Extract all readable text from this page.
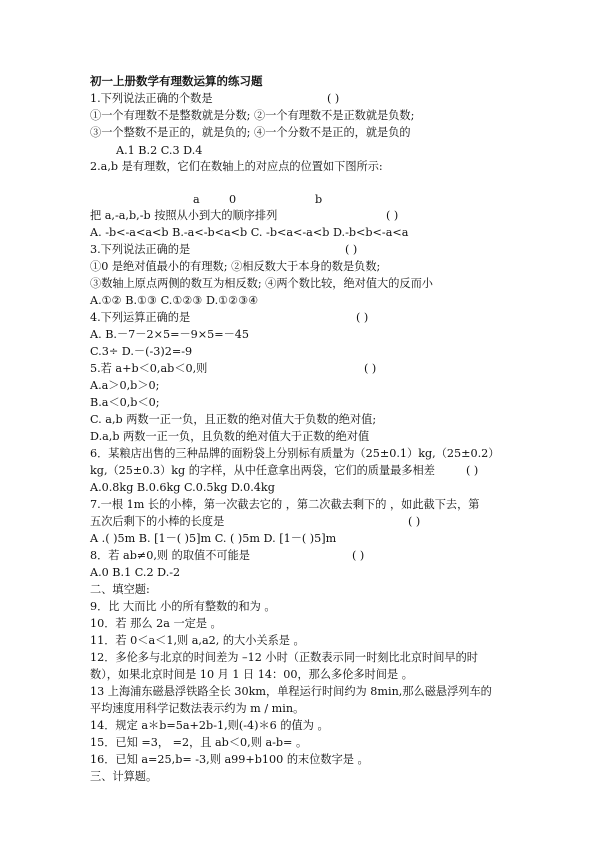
初一上册数学有理数运算的练习题
1.下列说法正确的个数是	( )
①一个有理数不是整数就是分数; ②一个有理数不是正数就是负数;
③一个整数不是正的，就是负的; ④一个分数不是正的，就是负的
A.1 B.2 C.3 D.4
2.a,b 是有理数，它们在数轴上的对应点的位置如下图所示:
a	0	b
把 a,-a,b,-b 按照从小到大的顺序排列	( )
A. -b<-a<a<b B.-a<-b<a<b C. -b<a<-a<b D.-b<b<-a<a
3.下列说法正确的是	( )
①0 是绝对值最小的有理数; ②相反数大于本身的数是负数;
③数轴上原点两侧的数互为相反数; ④两个数比较，绝对值大的反而小
A.①② B.①③ C.①②③ D.①②③④
4.下列运算正确的是	( )
A. B.－7－2×5=－9×5=－45
C.3÷ D.－(-3)2=-9
5.若 a+b＜0,ab＜0,则	( )
A.a＞0,b＞0;
B.a＜0,b＜0;
C. a,b 两数一正一负，且正数的绝对值大于负数的绝对值;
D.a,b 两数一正一负，且负数的绝对值大于正数的绝对值
6．某粮店出售的三种品牌的面粉袋上分别标有质量为（25±0.1）kg,（25±0.2）
kg,（25±0.3）kg 的字样，从中任意拿出两袋，它们的质量最多相差	( )
A.0.8kg B.0.6kg C.0.5kg D.0.4kg
7.一根 1m 长的小棒，第一次截去它的 ，第二次截去剩下的 ，如此截下去，第
五次后剩下的小棒的长度是	( )
A .( )5m B. [1－( )5]m C. ( )5m D. [1－( )5]m
8．若 ab≠0,则 的取值不可能是	( )
A.0 B.1 C.2 D.-2
二、填空题:
9．比 大而比 小的所有整数的和为 。
10．若 那么 2a 一定是 。
11．若 0＜a＜1,则 a,a2, 的大小关系是 。
12．多伦多与北京的时间差为 –12 小时（正数表示同一时刻比北京时间早的时
数），如果北京时间是 10 月 1 日 14：00，那么多伦多时间是 。
13 上海浦东磁悬浮铁路全长 30km，单程运行时间约为 8min,那么磁悬浮列车的
平均速度用科学记数法表示约为 m / min。
14．规定 a＊b=5a+2b-1,则(-4)＊6 的值为 。
15．已知 =3， =2，且 ab＜0,则 a-b= 。
16．已知 a=25,b= -3,则 a99+b100 的末位数字是 。
三、计算题。
